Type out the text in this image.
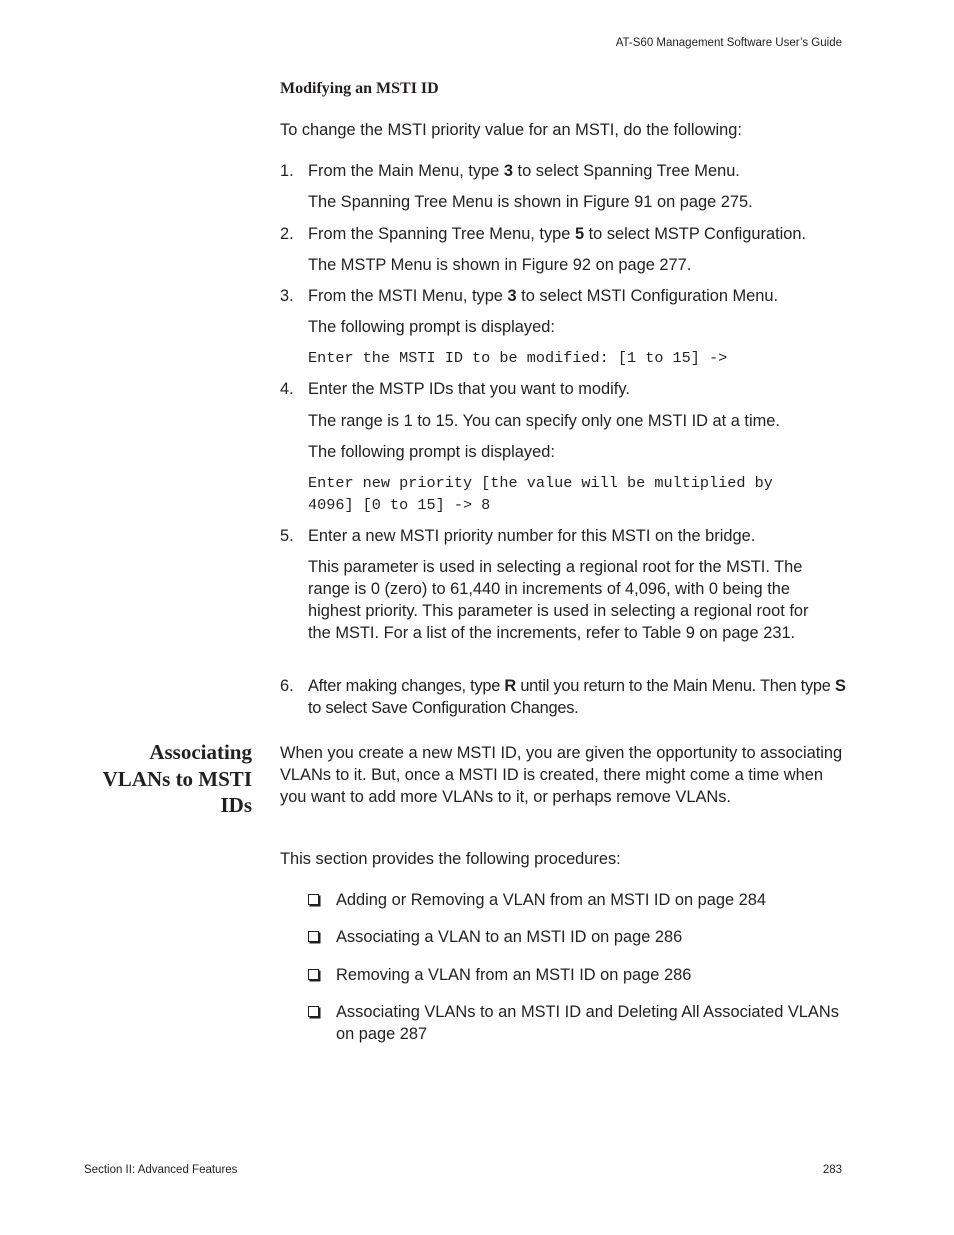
AT-S60 Management Software User’s Guide
Modifying an MSTI ID
To change the MSTI priority value for an MSTI, do the following:
1. From the Main Menu, type 3 to select Spanning Tree Menu.
The Spanning Tree Menu is shown in Figure 91 on page 275.
2. From the Spanning Tree Menu, type 5 to select MSTP Configuration.
The MSTP Menu is shown in Figure 92 on page 277.
3. From the MSTI Menu, type 3 to select MSTI Configuration Menu.
The following prompt is displayed:
Enter the MSTI ID to be modified: [1 to 15] ->
4. Enter the MSTP IDs that you want to modify.
The range is 1 to 15. You can specify only one MSTI ID at a time.
The following prompt is displayed:
Enter new priority [the value will be multiplied by
4096] [0 to 15] -> 8
5. Enter a new MSTI priority number for this MSTI on the bridge.
This parameter is used in selecting a regional root for the MSTI. The range is 0 (zero) to 61,440 in increments of 4,096, with 0 being the highest priority. This parameter is used in selecting a regional root for the MSTI. For a list of the increments, refer to Table 9 on page 231.
6. After making changes, type R until you return to the Main Menu. Then type S to select Save Configuration Changes.
Associating
VLANs to MSTI
IDs
When you create a new MSTI ID, you are given the opportunity to associating VLANs to it. But, once a MSTI ID is created, there might come a time when you want to add more VLANs to it, or perhaps remove VLANs.
This section provides the following procedures:
Adding or Removing a VLAN from an MSTI ID on page 284
Associating a VLAN to an MSTI ID on page 286
Removing a VLAN from an MSTI ID on page 286
Associating VLANs to an MSTI ID and Deleting All Associated VLANs on page 287
Section II: Advanced Features	283
